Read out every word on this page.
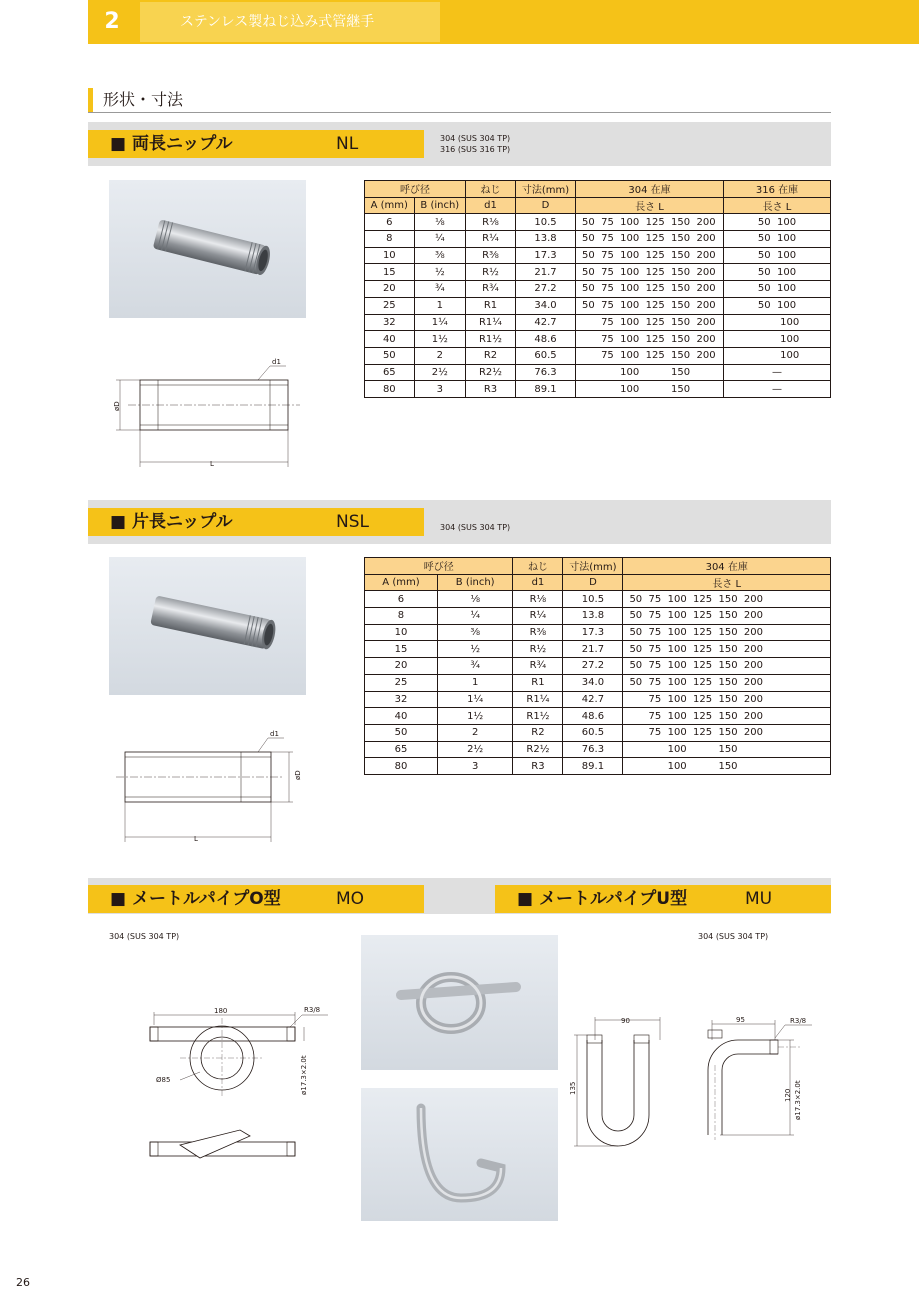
2	ステンレス製ねじ込み式管継手
形状・寸法
■ 両長ニップル	NL	304 (SUS 304 TP)
316 (SUS 316 TP)
d1
øD
L
呼び径		ねじ	寸法(mm)	304 在庫	316 在庫
A (mm)	B (inch)	d1	D	長さ L	長さ L
6	⅛	R⅛	10.5	50  75  100  125  150  200	50  100
8	¼	R¼	13.8	50  75  100  125  150  200	50  100
10	⅜	R⅜	17.3	50  75  100  125  150  200	50  100
15	½	R½	21.7	50  75  100  125  150  200	50  100
20	¾	R¾	27.2	50  75  100  125  150  200	50  100
25	1	R1	34.0	50  75  100  125  150  200	50  100
32	1¼	R1¼	42.7	75  100  125  150  200	100
40	1½	R1½	48.6	75  100  125  150  200	100
50	2	R2	60.5	75  100  125  150  200	100
65	2½	R2½	76.3	100          150	—
80	3	R3	89.1	100          150	—
■ 片長ニップル	NSL	304 (SUS 304 TP)
d1
øD
L
呼び径		ねじ	寸法(mm)	304 在庫
A (mm)	B (inch)	d1	D	長さ L
6	⅛	R⅛	10.5	50  75  100  125  150  200
8	¼	R¼	13.8	50  75  100  125  150  200
10	⅜	R⅜	17.3	50  75  100  125  150  200
15	½	R½	21.7	50  75  100  125  150  200
20	¾	R¾	27.2	50  75  100  125  150  200
25	1	R1	34.0	50  75  100  125  150  200
32	1¼	R1¼	42.7	75  100  125  150  200
40	1½	R1½	48.6	75  100  125  150  200
50	2	R2	60.5	75  100  125  150  200
65	2½	R2½	76.3	100          150
80	3	R3	89.1	100          150
■ メートルパイプO型	MO	■ メートルパイプU型	MU
304 (SUS 304 TP)	304 (SUS 304 TP)
180	R3/8
Ø85	ø17.3×2.0t
90
135
95	R3/8
120 ø17.3×2.0t
26
